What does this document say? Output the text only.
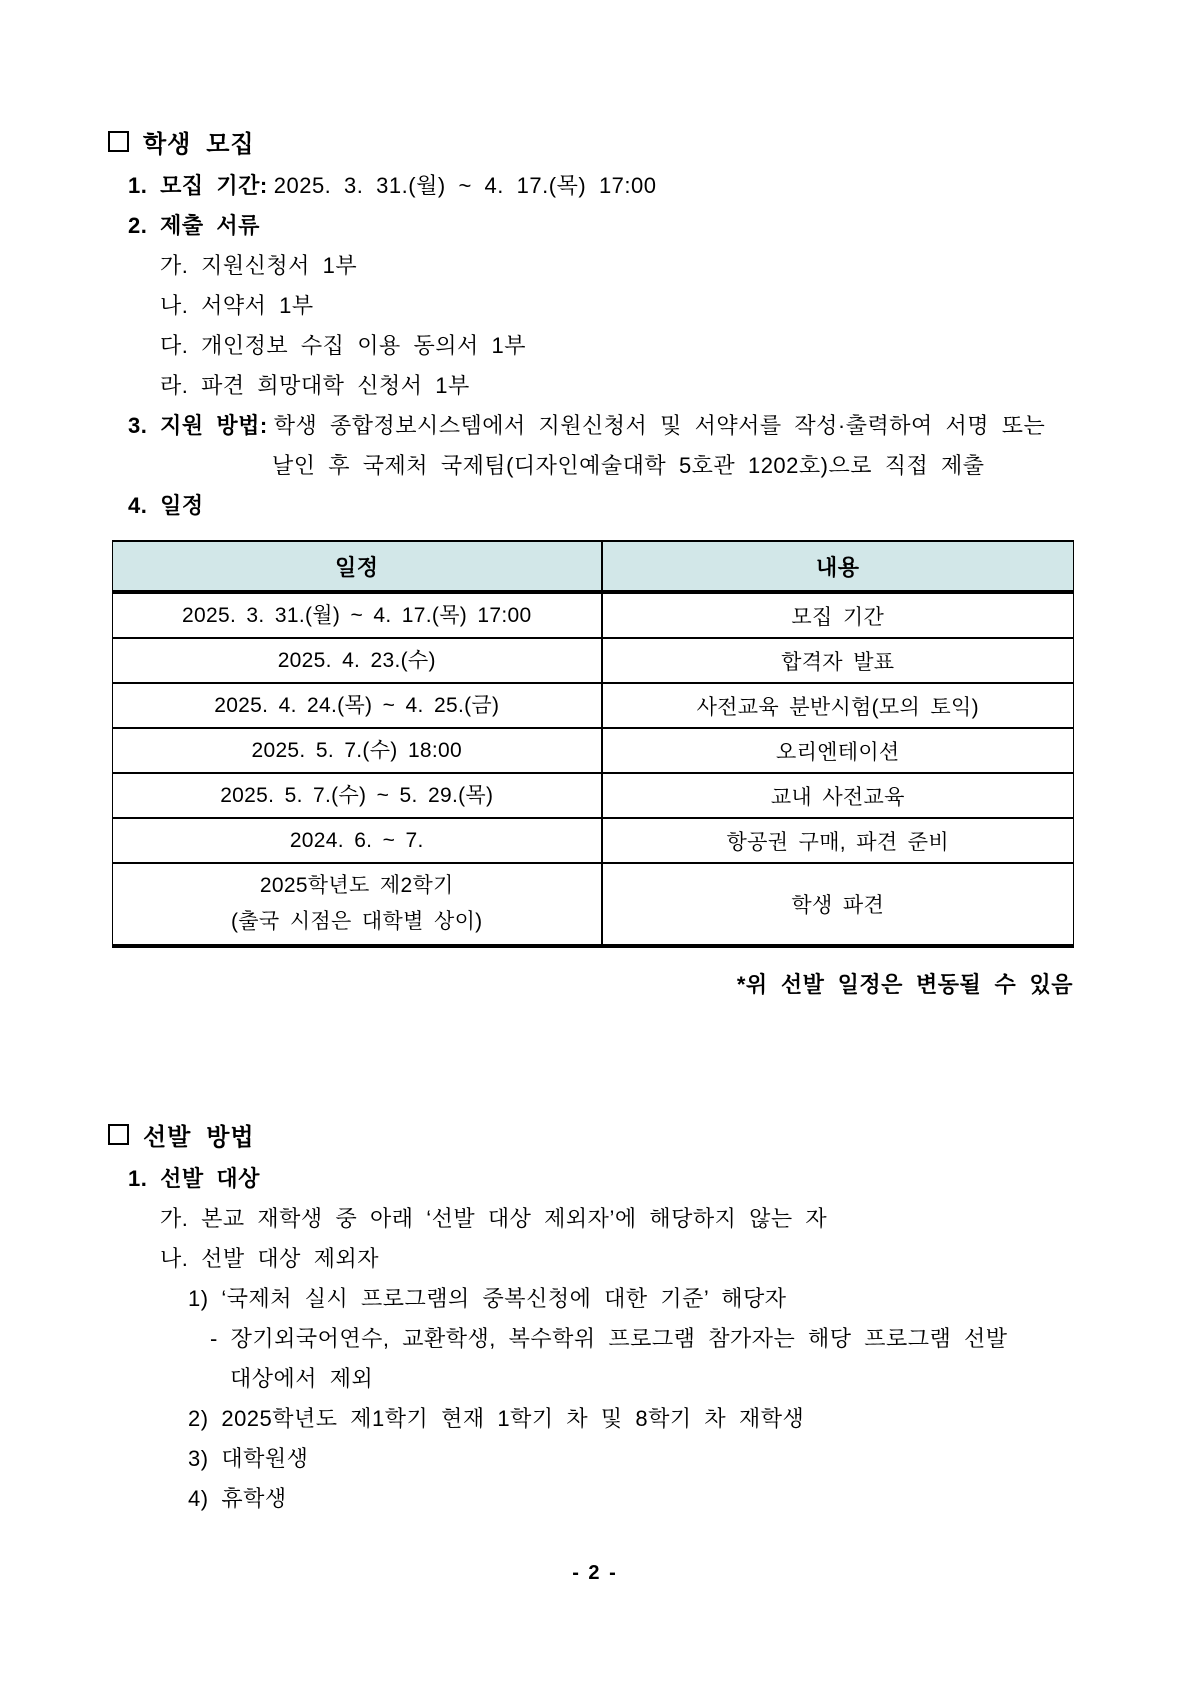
학생 모집
1. 모집 기간: 2025. 3. 31.(월) ~ 4. 17.(목) 17:00
2. 제출 서류
가. 지원신청서 1부
나. 서약서 1부
다. 개인정보 수집 이용 동의서 1부
라. 파견 희망대학 신청서 1부
3. 지원 방법: 학생 종합정보시스템에서 지원신청서 및 서약서를 작성·출력하여 서명 또는
날인 후 국제처 국제팀(디자인예술대학 5호관 1202호)으로 직접 제출
4. 일정
일정	내용

2025. 3. 31.(월) ~ 4. 17.(목) 17:00	모집 기간

2025. 4. 23.(수)	합격자 발표

2025. 4. 24.(목) ~ 4. 25.(금)	사전교육 분반시험(모의 토익)

2025. 5. 7.(수) 18:00	오리엔테이션

2025. 5. 7.(수) ~ 5. 29.(목)	교내 사전교육

2024. 6. ~ 7.	항공권 구매, 파견 준비

2025학년도 제2학기
(출국 시점은 대학별 상이)	학생 파견
*위 선발 일정은 변동될 수 있음
선발 방법
1. 선발 대상
가. 본교 재학생 중 아래 ‘선발 대상 제외자’에 해당하지 않는 자
나. 선발 대상 제외자
1) ‘국제처 실시 프로그램의 중복신청에 대한 기준’ 해당자
- 장기외국어연수, 교환학생, 복수학위 프로그램 참가자는 해당 프로그램 선발
대상에서 제외
2) 2025학년도 제1학기 현재 1학기 차 및 8학기 차 재학생
3) 대학원생
4) 휴학생
- 2 -
